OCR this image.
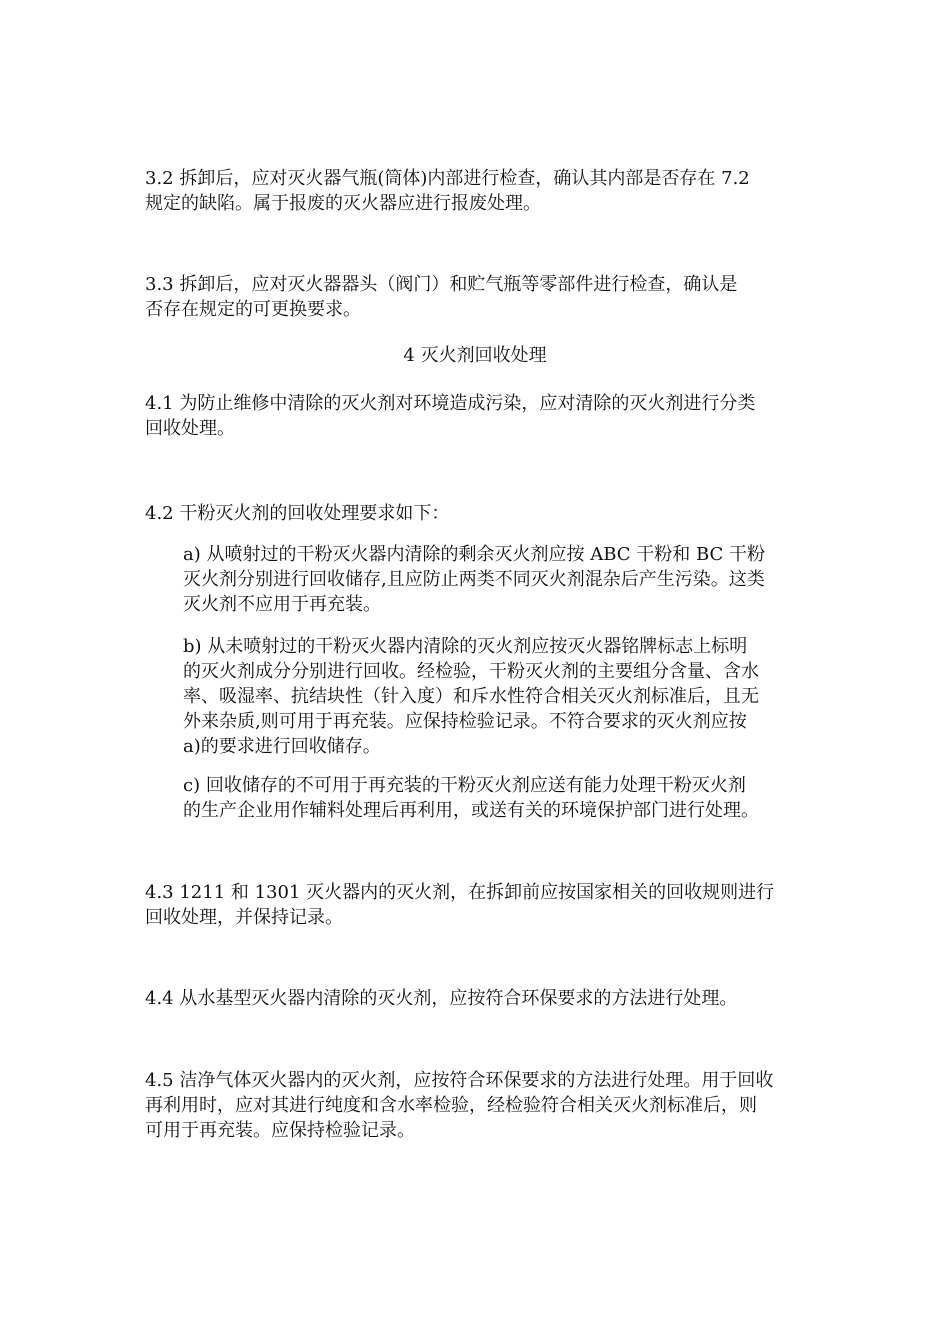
3.2 拆卸后，应对灭火器气瓶(筒体)内部进行检查，确认其内部是否存在 7.2
规定的缺陷。属于报废的灭火器应进行报废处理。

3.3 拆卸后，应对灭火器器头（阀门）和贮气瓶等零部件进行检查，确认是
否存在规定的可更换要求。

4 灭火剂回收处理

4.1 为防止维修中清除的灭火剂对环境造成污染，应对清除的灭火剂进行分类
回收处理。

4.2 干粉灭火剂的回收处理要求如下：

a) 从喷射过的干粉灭火器内清除的剩余灭火剂应按 ABC 干粉和 BC 干粉
灭火剂分别进行回收储存,且应防止两类不同灭火剂混杂后产生污染。这类
灭火剂不应用于再充装。

b) 从未喷射过的干粉灭火器内清除的灭火剂应按灭火器铭牌标志上标明
的灭火剂成分分别进行回收。经检验，干粉灭火剂的主要组分含量、含水
率、吸湿率、抗结块性（针入度）和斥水性符合相关灭火剂标准后，且无
外来杂质,则可用于再充装。应保持检验记录。不符合要求的灭火剂应按
a)的要求进行回收储存。

c) 回收储存的不可用于再充装的干粉灭火剂应送有能力处理干粉灭火剂
的生产企业用作辅料处理后再利用，或送有关的环境保护部门进行处理。

4.3 1211 和 1301 灭火器内的灭火剂，在拆卸前应按国家相关的回收规则进行
回收处理，并保持记录。

4.4 从水基型灭火器内清除的灭火剂，应按符合环保要求的方法进行处理。

4.5 洁净气体灭火器内的灭火剂，应按符合环保要求的方法进行处理。用于回收
再利用时，应对其进行纯度和含水率检验，经检验符合相关灭火剂标准后，则
可用于再充装。应保持检验记录。
